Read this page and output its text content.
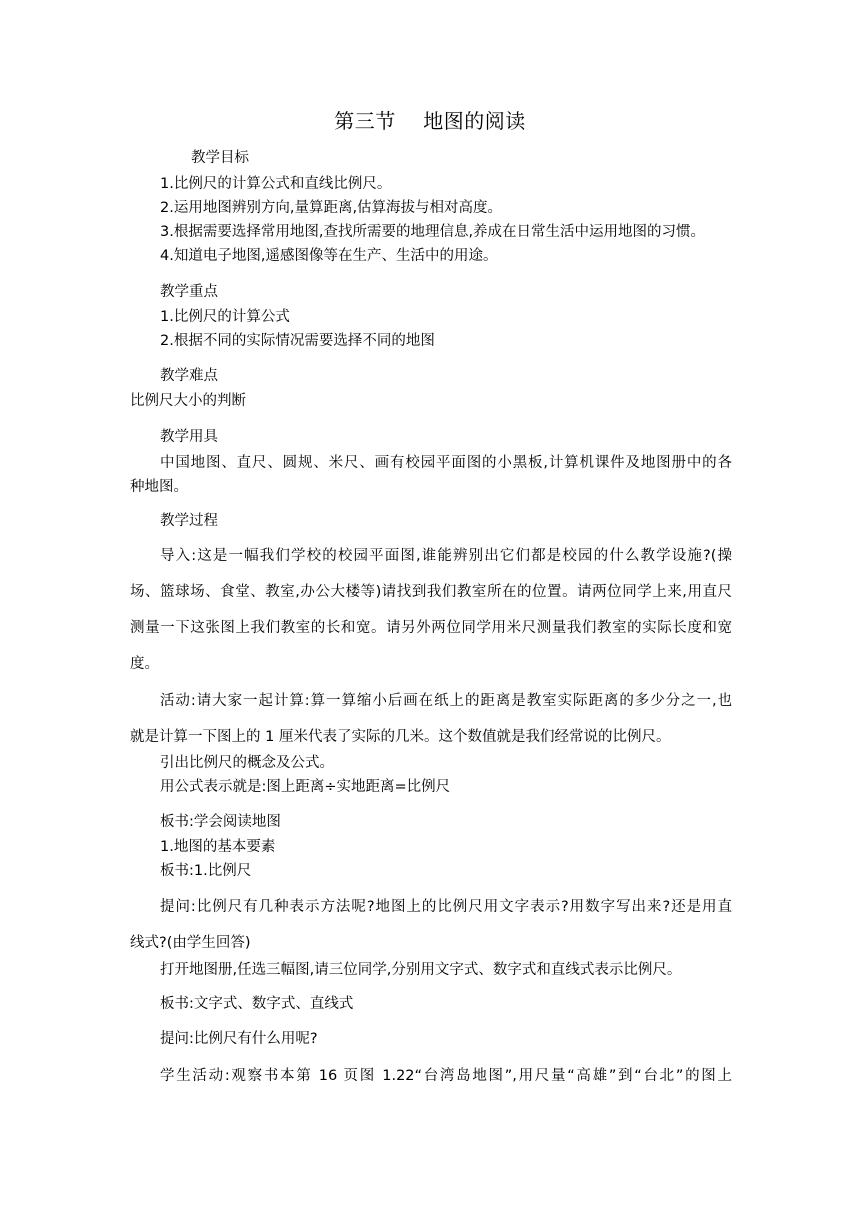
第三节    地图的阅读
教学目标
1.比例尺的计算公式和直线比例尺。
2.运用地图辨别方向,量算距离,估算海拔与相对高度。
3.根据需要选择常用地图,查找所需要的地理信息,养成在日常生活中运用地图的习惯。
4.知道电子地图,遥感图像等在生产、生活中的用途。
教学重点
1.比例尺的计算公式
2.根据不同的实际情况需要选择不同的地图
教学难点
比例尺大小的判断
教学用具
中国地图、直尺、圆规、米尺、画有校园平面图的小黑板,计算机课件及地图册中的各
种地图。
教学过程
导入:这是一幅我们学校的校园平面图,谁能辨别出它们都是校园的什么教学设施?(操
场、篮球场、食堂、教室,办公大楼等)请找到我们教室所在的位置。请两位同学上来,用直尺
测量一下这张图上我们教室的长和宽。请另外两位同学用米尺测量我们教室的实际长度和宽
度。
活动:请大家一起计算:算一算缩小后画在纸上的距离是教室实际距离的多少分之一,也
就是计算一下图上的 1 厘米代表了实际的几米。这个数值就是我们经常说的比例尺。
引出比例尺的概念及公式。
用公式表示就是:图上距离÷实地距离=比例尺
板书:学会阅读地图
1.地图的基本要素
板书:1.比例尺
提问:比例尺有几种表示方法呢?地图上的比例尺用文字表示?用数字写出来?还是用直
线式?(由学生回答)
打开地图册,任选三幅图,请三位同学,分别用文字式、数字式和直线式表示比例尺。
板书:文字式、数字式、直线式
提问:比例尺有什么用呢?
学生活动:观察书本第 16 页图 1.22“台湾岛地图”,用尺量“高雄”到“台北”的图上
